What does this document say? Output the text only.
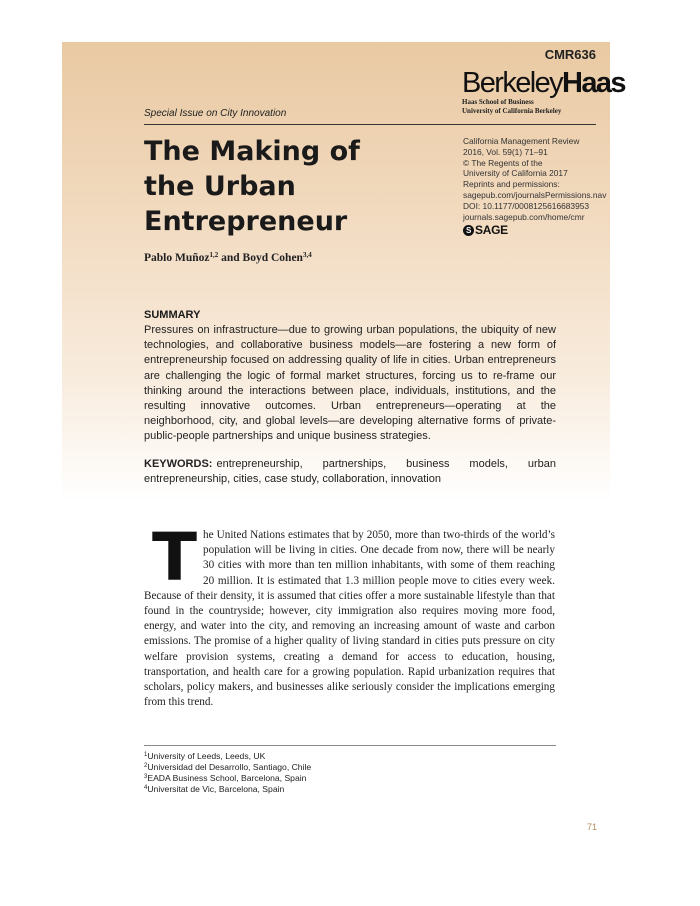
CMR636
BerkeleyHaas
Haas School of Business
University of California Berkeley
Special Issue on City Innovation
The Making of
the Urban
Entrepreneur
California Management Review
2016, Vol. 59(1) 71–91
© The Regents of the
University of California 2017
Reprints and permissions:
sagepub.com/journalsPermissions.nav
DOI: 10.1177/0008125616683953
journals.sagepub.com/home/cmr
S SAGE
Pablo Muñoz$^{1,2}$ and Boyd Cohen$^{3,4}$
SUMMARY
Pressures on infrastructure—due to growing urban populations, the ubiquity of new technologies, and collaborative business models—are fostering a new form of entrepreneurship focused on addressing quality of life in cities. Urban entrepreneurs are challenging the logic of formal market structures, forcing us to re-frame our thinking around the interactions between place, individuals, institutions, and the resulting innovative outcomes. Urban entrepreneurs—operating at the neighborhood, city, and global levels—are developing alternative forms of private-public-people partnerships and unique business strategies.
KEYWORDS: entrepreneurship, partnerships, business models, urban entrepreneurship, cities, case study, collaboration, innovation
The United Nations estimates that by 2050, more than two-thirds of the world’s population will be living in cities. One decade from now, there will be nearly 30 cities with more than ten million inhabitants, with some of them reaching 20 million. It is estimated that 1.3 million people move to cities every week. Because of their density, it is assumed that cities offer a more sustainable lifestyle than that found in the countryside; however, city immigration also requires moving more food, energy, and water into the city, and removing an increasing amount of waste and carbon emissions. The promise of a higher quality of living standard in cities puts pressure on city welfare provision systems, creating a demand for access to education, housing, transportation, and health care for a growing population. Rapid urbanization requires that scholars, policy makers, and businesses alike seriously consider the implications emerging from this trend.
$^1$University of Leeds, Leeds, UK
$^2$Universidad del Desarrollo, Santiago, Chile
$^3$EADA Business School, Barcelona, Spain
$^4$Universitat de Vic, Barcelona, Spain
71
